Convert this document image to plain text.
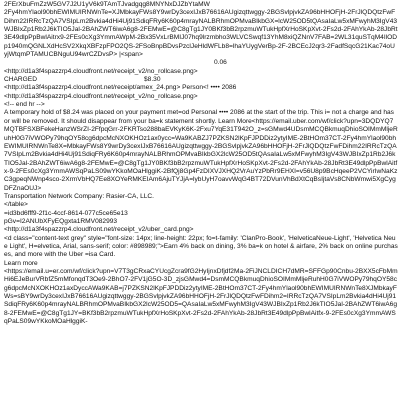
2FErXbuFmZzW5GV7J2U1yV6k9TAmTJvadgqg8MNYNxDJZbYtaMW
2Fy4hmYlaol90bhEWIMUIRNWnTe=XJMbkayFWs8Y9wrDy3cexIJxB76616AUgizqttwggy-2BGSvlpjvkZA96bHHOFjH-2FrJlQDQtzFwFDihm22IRRcTzQA7VSIpLm2Bvkia4dHi4Uj91SdiqFRy6K60p4mrayNALBRhmOPMvaBIkbGX=lcW25OD5tQAsaIaLw5xMFwyhM3IgV43WJBIxZp1Rb2J6kTIO5Jal-2BAhZWT6iwA6g8-2FEMwE=@C8gTg1JY0BKf3bB2rpzmuWTukHpfXrHoSKpXvt-2Fs2d-2FAhYkAb-28JbRt3E49dlpPpBwlAitrx9-2FEs0cXg3YmmAWpM-2Bx35VxLrBMIJ07hq9lrzmbho3WLVCSwqf13YhM8xiQZNnV7FAB=2WL31quSTqM4IlODp1940mQGNLXdHcSV2XkqXBFzpFPO2QS-2FSoBnpBDvsPzclJeHldWFLb8=lhaYUygVerBp-2F-2BCEcJ2qr3-2FadfSqcG21Kac74oUyjWtqmPTAMUCBNguU94wrCZDvsP> |<span>
0.06
<http://d1a3f4spazzrp4.cloudfront.net/receipt_v2/no_rollcase.png>
CHARGED	$8.30
<http://d1a3f4spazzrp4.cloudfront.net/receipt/amex_24.png> Person<! •••• 2086
<http://d1a3f4spazzrp4.cloudfront.net/receipt_v2/no_rollcase.png>
<!-- end hr -->
A temporary hold of $8.24 was placed on your payment met=od Personal •••• 2086 at the start of the trip. This i= not a charge and has or will be removed. It should disappear from your ba=k statement shortly. Learn More<https://email.uber.com/wf/click?upn=3DQDYQ7MQTBFSXBFekeHanzWSrZI-2FfpqGrr-2FKRTso288baEVKyK6K-2Fxu7YqE31T942O_z=sGMwd4UDsmMCQBkmuqDhioSOIMmMljeRuhH0G7iVWOPy79hqOY58cg6dpcMcNXOKHOz1ax0ycc=Wa9KABZJ7PZKSN2lKpFJPDDiz2ytyIME-2BtHOm37CT-2Fy4hmYlaol90bhEWIMUIRNWnTe8X=MbkayFWs8Y9wrDy3cexIJxB76616AUgizqttwggy-2BGSvlpjvkZA96bHHOFjH-2FrJlQDQtzFwFDihm22IRRcTzQA7VSIpLm2Bvkia4dHi4Uj91SdiqFRy6K60p4mrayNALBRhmOPMvaBIkbGX2lcW25OD5tQAsaIaLw5xMFwyhM3IgV43WJBIxZp1Rb2J6kTIO5Jal-2BAhZWT6iwA6g8-2FEMwE=@C8gTg1JY0BKf3bB2rpzmuWTukHpfXrHoSKpXvt-2Fs2d-2FAhYkAb-28JbRt3E49dlpPpBwlAitfx-9-2FEs0cXg3YmmAWSqPaLS09wYKkoMOaHlggiK-2BfQj8Gp4FzDIXVJXHQ2VrAuYzPbRr9EHXI=v56U8p9BcHqeeP2VCYirIwNaKzC3gpeqNWnp4sco-2XrmVbHQ7Ee8XOYeRMKEIAm6AjuTYJjA=lybUyH7oavvWqG4BT72DVunVhBdXtCqBsIjtaVs8CNbWmwi5XgCygDFZnaOUJ>
Transportation Network Company: Rasier-CA, LLC.
</table>
=id3bd6fff9-2f1c-4ccf-8614-077c5ce65e13
pGv=I2ANUbXFyEQgxta1RMV082993
<http://d1a3f4spazzrp4.cloudfront.net/receipt_v2/uber_card.png>
<d class="content-text grey" style="font-size: 14px; line-height: 22px; fo=t-family: 'ClanPro-Book', 'HelveticaNeue-Light', 'Helvetica Neue Light', H=elvetica, Arial, sans-serif; color: #898989;">Earn 4% back on dining, 3% ba=k on hotel & airfare, 2% back on online purchases, and more with the Uber =isa Card.
Learn more
<https://email.u=er.com/wf/click?upn=V7T3gCRxaCYUcgZcra9fG2HyIjnxDfjdf2Ma-2FiJNCLDICH7dMR=SFFGp90Cnbu-2BXX5cFbMmHi6EJeBurVRbfZ5mMfonqdT3Oe9-2BhO7-2FV1jG5O-3D_zjsGMwd4=DsmMCQBkmuqDhioSOIMmMljeRuhH0G7iVWOPy79hqOY58cg6dpcMcNXOKHOz1axDyccAWa9KAB=j7PZKSN2lKpFJPDDiz2ytyIME-2BtHOm37CT-2Fy4hmYlaol90bhEWIMUIRNWnTe8XJMbkayFWs=sBY9wrDy3cexIJxB76616AUgizqttwggy-2BGSvlpjvkZA96bHHOFjH-2FrJlQDQtzFwFDihm2=IRRcTzQA7VSIpLm2Bvkia4dHi4Uj91SdiqFRy6K60p4mrayNALBRhmOPMvaBIkbGX2lcW25OD5=QAsaIaLw5xMFwyhM3IgV43WJBIxZp1Rb2J6kTIO5Jal-2BAhZWT6iwA6g8-2FEMwE=@C8gTg1JY=BKf3bB2rpzmuWTukHpfXrHoSKpXvt-2Fs2d-2FAhYkAb-28JbRt3E49dlpPpBwlAitfx-9-2FEs0cXg3YmmAWSqPaLS09wYKkoMOaHlggiK-
